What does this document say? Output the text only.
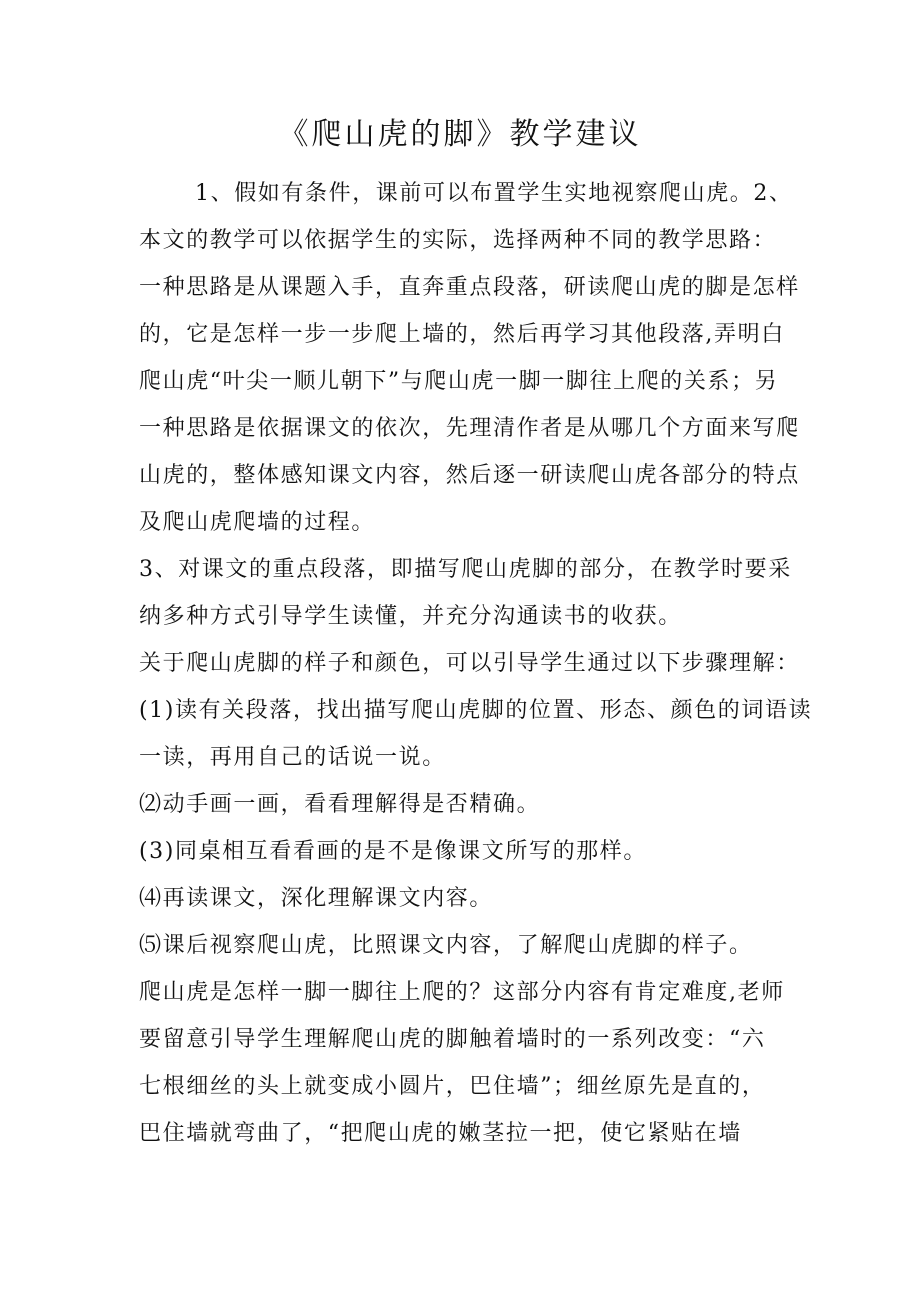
《爬山虎的脚》教学建议
1、假如有条件，课前可以布置学生实地视察爬山虎。2、
本文的教学可以依据学生的实际，选择两种不同的教学思路：
一种思路是从课题入手，直奔重点段落，研读爬山虎的脚是怎样
的，它是怎样一步一步爬上墙的，然后再学习其他段落,弄明白
爬山虎“叶尖一顺儿朝下”与爬山虎一脚一脚往上爬的关系；另
一种思路是依据课文的依次，先理清作者是从哪几个方面来写爬
山虎的，整体感知课文内容，然后逐一研读爬山虎各部分的特点
及爬山虎爬墙的过程。
3、对课文的重点段落，即描写爬山虎脚的部分，在教学时要采
纳多种方式引导学生读懂，并充分沟通读书的收获。
关于爬山虎脚的样子和颜色，可以引导学生通过以下步骤理解：
(1)读有关段落，找出描写爬山虎脚的位置、形态、颜色的词语读
一读，再用自己的话说一说。
⑵动手画一画，看看理解得是否精确。
(3)同桌相互看看画的是不是像课文所写的那样。
⑷再读课文，深化理解课文内容。
⑸课后视察爬山虎，比照课文内容，了解爬山虎脚的样子。
爬山虎是怎样一脚一脚往上爬的？这部分内容有肯定难度,老师
要留意引导学生理解爬山虎的脚触着墙时的一系列改变：“六
七根细丝的头上就变成小圆片，巴住墙”；细丝原先是直的，
巴住墙就弯曲了，“把爬山虎的嫩茎拉一把，使它紧贴在墙
